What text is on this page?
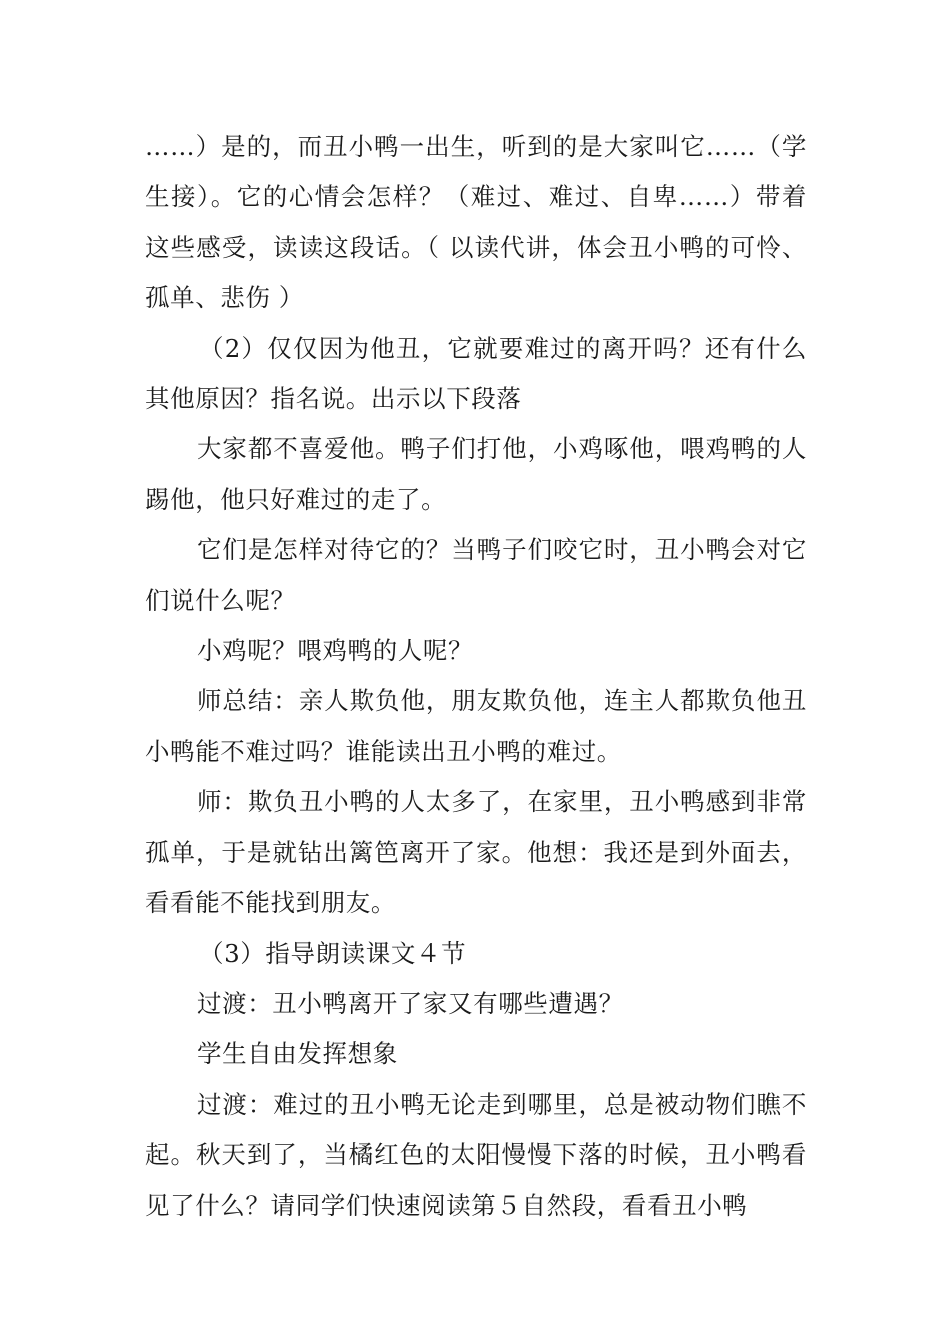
……）是的，而丑小鸭一出生，听到的是大家叫它……（学生接）。它的心情会怎样？（难过、难过、自卑……）带着这些感受，读读这段话。（ 以读代讲，体会丑小鸭的可怜、孤单、悲伤 ）

（2）仅仅因为他丑，它就要难过的离开吗？还有什么其他原因？指名说。出示以下段落

大家都不喜爱他。鸭子们打他，小鸡啄他，喂鸡鸭的人踢他，他只好难过的走了。

它们是怎样对待它的？当鸭子们咬它时，丑小鸭会对它们说什么呢？

小鸡呢？喂鸡鸭的人呢？

师总结：亲人欺负他，朋友欺负他，连主人都欺负他丑小鸭能不难过吗？谁能读出丑小鸭的难过。

师：欺负丑小鸭的人太多了，在家里，丑小鸭感到非常孤单，于是就钻出篱笆离开了家。他想：我还是到外面去，看看能不能找到朋友。

（3）指导朗读课文４节

过渡：丑小鸭离开了家又有哪些遭遇？

学生自由发挥想象

过渡：难过的丑小鸭无论走到哪里，总是被动物们瞧不起。秋天到了，当橘红色的太阳慢慢下落的时候，丑小鸭看见了什么？请同学们快速阅读第５自然段，看看丑小鸭
